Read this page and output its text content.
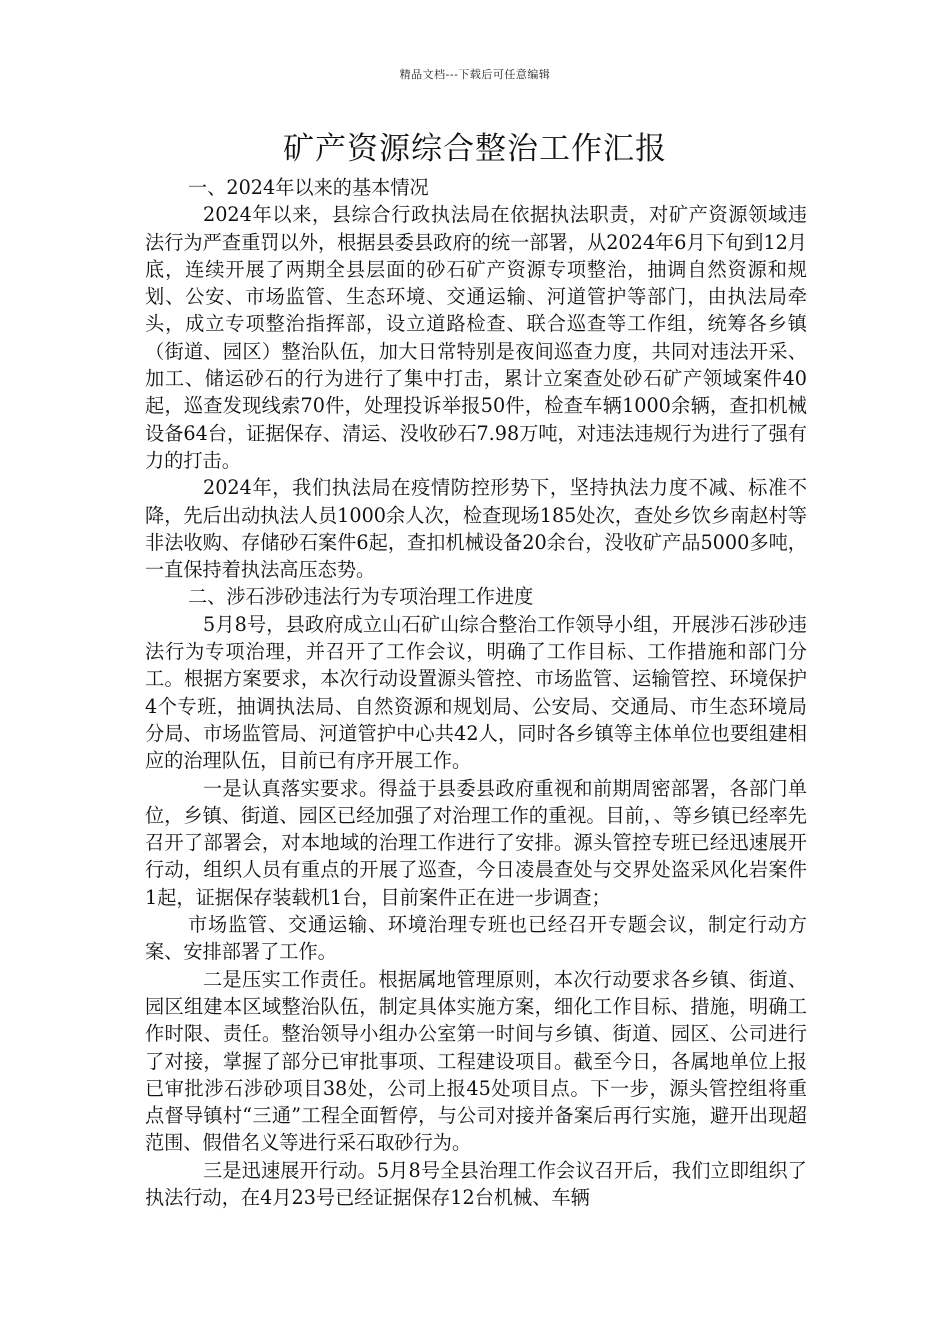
精品文档---下载后可任意编辑
矿产资源综合整治工作汇报

一、2024年以来的基本情况

2024年以来，县综合行政执法局在依据执法职责，对矿产资源领域违法行为严查重罚以外，根据县委县政府的统一部署，从2024年6月下旬到12月底，连续开展了两期全县层面的砂石矿产资源专项整治，抽调自然资源和规划、公安、市场监管、生态环境、交通运输、河道管护等部门，由执法局牵头，成立专项整治指挥部，设立道路检查、联合巡查等工作组，统筹各乡镇（街道、园区）整治队伍，加大日常特别是夜间巡查力度，共同对违法开采、加工、储运砂石的行为进行了集中打击，累计立案查处砂石矿产领域案件40起，巡查发现线索70件，处理投诉举报50件，检查车辆1000余辆，查扣机械设备64台，证据保存、清运、没收砂石7.98万吨，对违法违规行为进行了强有力的打击。

2024年，我们执法局在疫情防控形势下，坚持执法力度不减、标准不降，先后出动执法人员1000余人次，检查现场185处次，查处乡饮乡南赵村等非法收购、存储砂石案件6起，查扣机械设备20余台，没收矿产品5000多吨，一直保持着执法高压态势。

二、涉石涉砂违法行为专项治理工作进度

5月8号，县政府成立山石矿山综合整治工作领导小组，开展涉石涉砂违法行为专项治理，并召开了工作会议，明确了工作目标、工作措施和部门分工。根据方案要求，本次行动设置源头管控、市场监管、运输管控、环境保护4个专班，抽调执法局、自然资源和规划局、公安局、交通局、市生态环境局分局、市场监管局、河道管护中心共42人，同时各乡镇等主体单位也要组建相应的治理队伍，目前已有序开展工作。

一是认真落实要求。得益于县委县政府重视和前期周密部署，各部门单位，乡镇、街道、园区已经加强了对治理工作的重视。目前，、等乡镇已经率先召开了部署会，对本地域的治理工作进行了安排。源头管控专班已经迅速展开行动，组织人员有重点的开展了巡查，今日凌晨查处与交界处盗采风化岩案件1起，证据保存装载机1台，目前案件正在进一步调查；

市场监管、交通运输、环境治理专班也已经召开专题会议，制定行动方案、安排部署了工作。

二是压实工作责任。根据属地管理原则，本次行动要求各乡镇、街道、园区组建本区域整治队伍，制定具体实施方案，细化工作目标、措施，明确工作时限、责任。整治领导小组办公室第一时间与乡镇、街道、园区、公司进行了对接，掌握了部分已审批事项、工程建设项目。截至今日，各属地单位上报已审批涉石涉砂项目38处，公司上报45处项目点。下一步，源头管控组将重点督导镇村“三通”工程全面暂停，与公司对接并备案后再行实施，避开出现超范围、假借名义等进行采石取砂行为。

三是迅速展开行动。5月8号全县治理工作会议召开后，我们立即组织了执法行动，在4月23号已经证据保存12台机械、车辆
